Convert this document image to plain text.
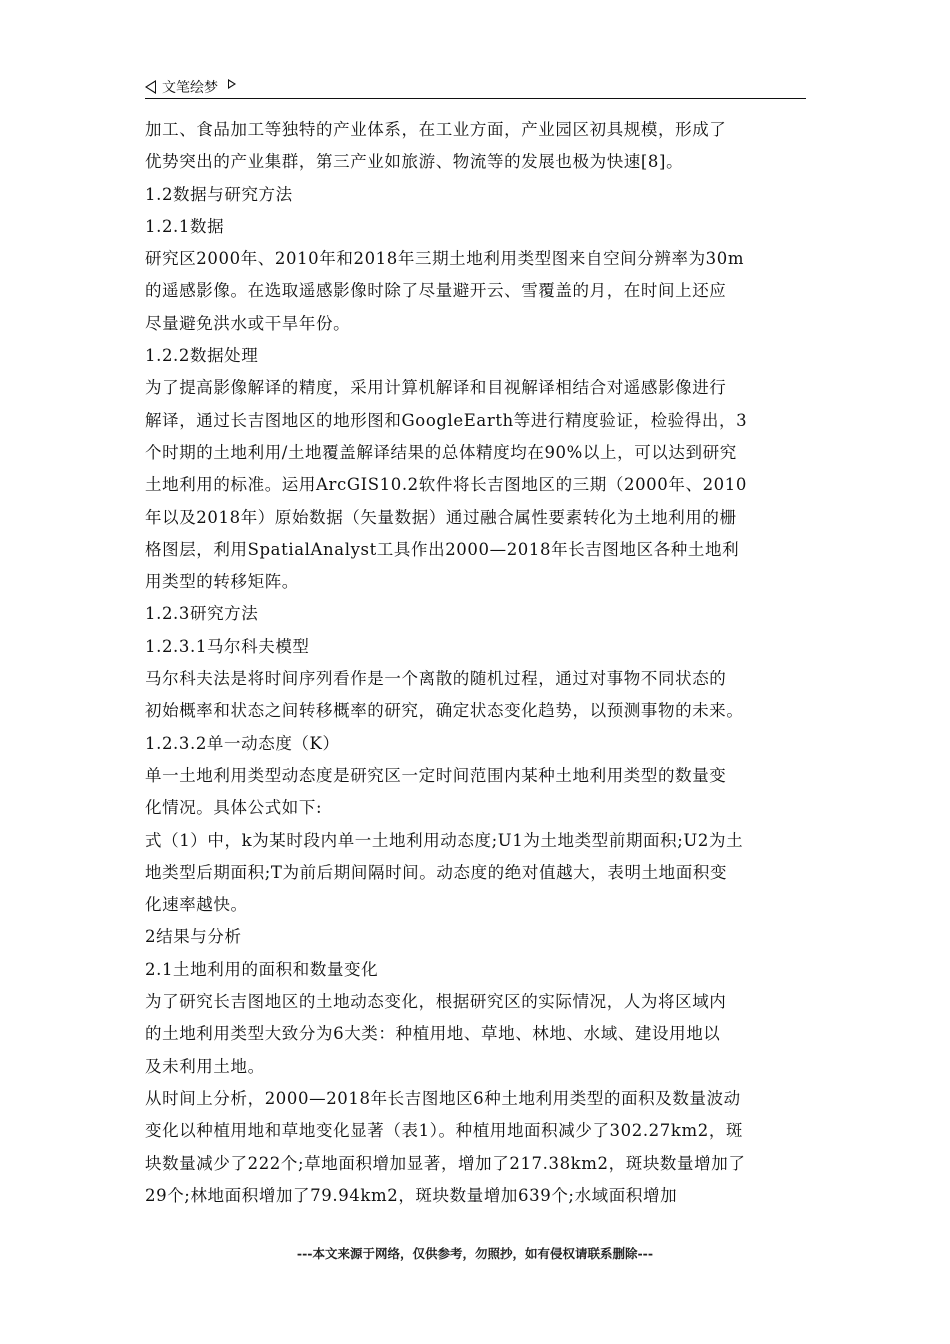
文笔绘梦
加工、食品加工等独特的产业体系，在工业方面，产业园区初具规模，形成了
优势突出的产业集群，第三产业如旅游、物流等的发展也极为快速[8]。
1.2数据与研究方法
1.2.1数据
研究区2000年、2010年和2018年三期土地利用类型图来自空间分辨率为30m
的遥感影像。在选取遥感影像时除了尽量避开云、雪覆盖的月，在时间上还应
尽量避免洪水或干旱年份。
1.2.2数据处理
为了提高影像解译的精度，采用计算机解译和目视解译相结合对遥感影像进行
解译，通过长吉图地区的地形图和GoogleEarth等进行精度验证，检验得出，3
个时期的土地利用/土地覆盖解译结果的总体精度均在90%以上，可以达到研究
土地利用的标准。运用ArcGIS10.2软件将长吉图地区的三期（2000年、2010
年以及2018年）原始数据（矢量数据）通过融合属性要素转化为土地利用的栅
格图层，利用SpatialAnalyst工具作出2000—2018年长吉图地区各种土地利
用类型的转移矩阵。
1.2.3研究方法
1.2.3.1马尔科夫模型
马尔科夫法是将时间序列看作是一个离散的随机过程，通过对事物不同状态的
初始概率和状态之间转移概率的研究，确定状态变化趋势，以预测事物的未来。
1.2.3.2单一动态度（K）
单一土地利用类型动态度是研究区一定时间范围内某种土地利用类型的数量变
化情况。具体公式如下:
式（1）中，k为某时段内单一土地利用动态度;U1为土地类型前期面积;U2为土
地类型后期面积;T为前后期间隔时间。动态度的绝对值越大，表明土地面积变
化速率越快。
2结果与分析
2.1土地利用的面积和数量变化
为了研究长吉图地区的土地动态变化，根据研究区的实际情况，人为将区域内
的土地利用类型大致分为6大类：种植用地、草地、林地、水域、建设用地以
及未利用土地。
从时间上分析，2000—2018年长吉图地区6种土地利用类型的面积及数量波动
变化以种植用地和草地变化显著（表1）。种植用地面积减少了302.27km2，斑
块数量减少了222个;草地面积增加显著，增加了217.38km2，斑块数量增加了
29个;林地面积增加了79.94km2，斑块数量增加639个;水域面积增加
---本文来源于网络，仅供参考，勿照抄，如有侵权请联系删除---
